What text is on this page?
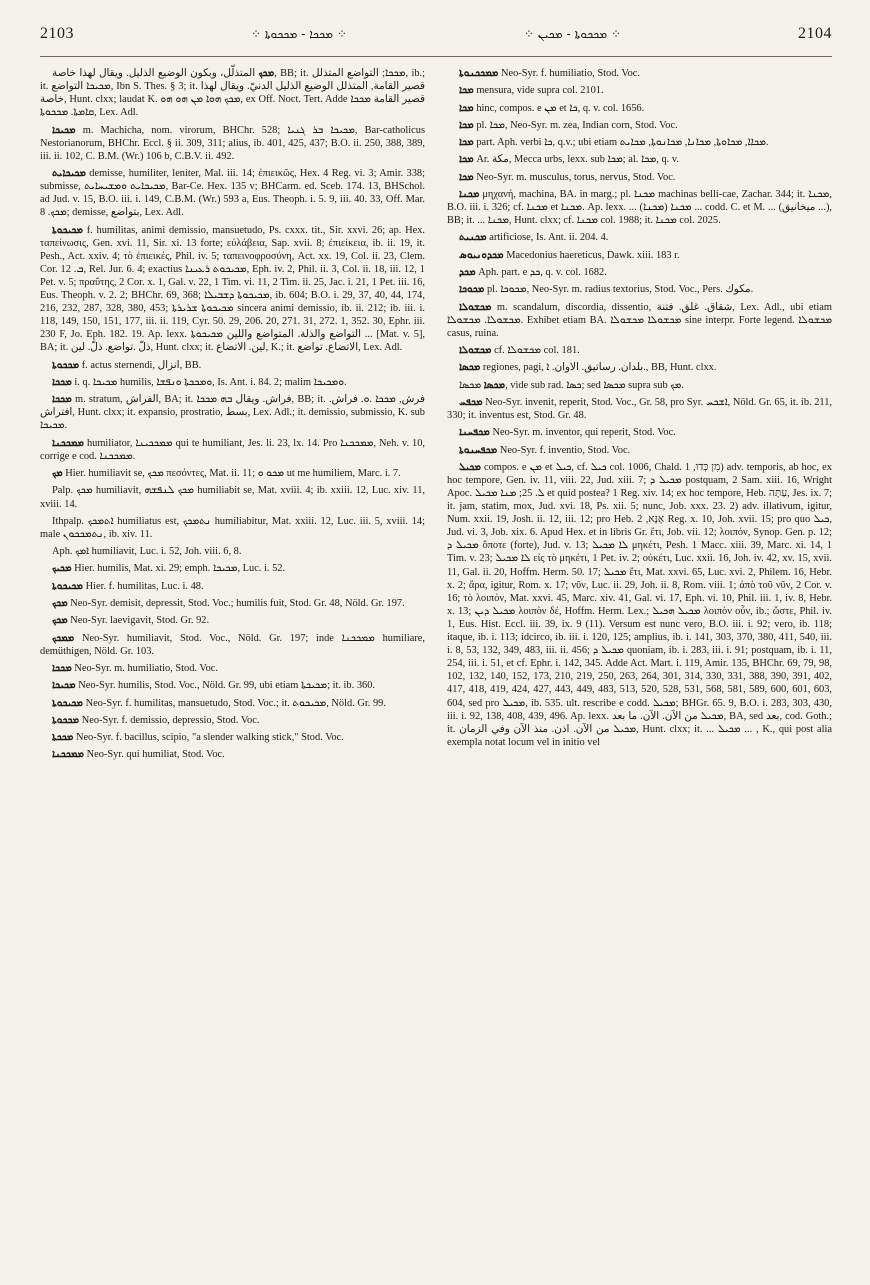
2103	⁘ ܡܟܟܐ - ܡܟܟܘܬܐ ⁘	⁘ ܡܟܟܘܬܐ - ܡܟܝܢ ⁘	2104

ܡܟܟ المتذلّل، وبكون الوضيع الذليل. ويقال لهذا خاصة, BB; it. ܡܟܟܐ; التواضع المتذلل, ib.; it. ܡܟܝܟܐ التواضع, Ibn S. Thes. § 3; it. قصير القامة, المتذلل الوضيع الذليل الدنيّ. ويقال لهذا خاصة, Hunt. clxx; laudat K. ܡܟܟ ܗܘܐ ܡܢ ܗܘ ܗܘ, ex Off. Noct. Tert. Adde قصير القامة ܡܟܟܐ ܩܐܡܬܐ. ܡܟܟܘܬܐ, Lex. Adl.

ܡܟܝܟܐ m. Machicha, nom. virorum, BHChr. 528; ܡܟܝܟܐ ܒܪ ܓܢܝܐ, Bar-catholicus Nestorianorum, BHChr. Eccl. § ii. 309, 311; alius, ib. 401, 425, 437; B.O. ii. 250, 388, 389, iii. ii. 102, C. B.M. (Wr.) 106 b, C.B.V. ii. 492.

ܡܟܝܟܐܝܬ demisse, humiliter, leniter, Mal. iii. 14; ἐπιεικῶς, Hex. 4 Reg. vi. 3; Amir. 338; submisse, ܡܟܝܟܐܝܬ ܘܡܫܝܚܐܝܬ, Bar-Ce. Hex. 135 v; BHCarm. ed. Sceb. 174. 13, BHSchol. ad Jud. v. 15, B.O. iii. i. 149, C.B.M. (Wr.) 593 a, Eus. Theoph. i. 5. 9, iii. 40. 33, Off. Mar. ܡܟܟ. 8; demisse, بتواضع, Lex. Adl.

ܡܟܝܟܘܬܐ f. humilitas, animi demissio, mansuetudo, Ps. cxxx. tit., Sir. xxvi. 26; ap. Hex. ταπείνωσις, Gen. xvi. 11, Sir. xi. 13 forte; εὐλάβεια, Sap. xvii. 8; ἐπιείκεια, ib. ii. 19, it. Pesh., Act. xxiv. 4; τὸ ἐπιεικές, Phil. iv. 5; ταπεινοφροσύνη, Act. xx. 19, Col. ii. 23, Clem. Cor. ܒ. 12, Rel. Jur. 6. 4; exactius ܡܟܝܟܘܬ ܪܥܝܢܐ, Eph. iv. 2, Phil. ii. 3, Col. ii. 18, iii. 12, 1 Pet. v. 5; πραΰτης, 2 Cor. x. 1, Gal. v. 22, 1 Tim. vi. 11, 2 Tim. ii. 25, Jac. i. 21, 1 Pet. iii. 16, Eus. Theoph. v. 2. 2; BHChr. 69, 368; ܡܟܝܟܘܬܐ ܕܫܒܝܠܐ, ib. 604; B.O. i. 29, 37, 40, 44, 174, 216, 232, 287, 328, 380, 453; ܡܟܝܟܘܬܐ ܫܪܝܪܬܐ sincera animi demissio, ib. ii. 212; ib. iii. i. 118, 149, 150, 151, 177, iii. ii. 119, Cyr. 50. 29, 206. 20, 271. 31, 272. 1, 352. 30, Ephr. iii. 230 F, Jo. Eph. 182. 19. Ap. lexx. التواضع والذلة. المتواضع واللين ܡܟܝܟܘܬܐ ... [Mat. v. 5], BA; it. ذلّ .تواضع. ذلّ. لين, Hunt. clxx; it. لين. الاتضاع, K.; it. الاتضاع. تواضع, Lex. Adl.

ܡܟܟܘܬܐ f. actus sternendi, انزال, BB.

ܡܟܟܐ i. q. ܡܟܝܟܐ humilis, ܘܡܟܟܬܐ ܘܢܦܫܐ, Is. Ant. i. 84. 2; malim ܘܡܟܝܟܐ.

ܡܟܟܐ m. stratum, الفراش, BA; it. فراش. ويقال ܒܗ ܡܟܟܐ, BB; it. فرش, ܡܟܟܐ .ܘ. فراش. افتراش, Hunt. clxx; it. expansio, prostratio, بسط, Lex. Adl.; it. demissio, submissio, K. sub ܡܟܝܟܐ.

ܡܡܟܟܢܐ humiliator, ܡܡܟܟܝܢܐ qui te humiliant, Jes. li. 23, lx. 14. Pro ܡܡܟܟܢܐ, Neh. v. 10, corrige e cod. ܡܡܟܟܢܐ.

ܡܟ Hier. humiliavit se, ܡܟܟ πεσόντες, Mat. ii. 11; ܡܟܘ ܘ ut me humiliem, Marc. i. 7.

Palp. ܡܟܟ humiliavit, ܡܟܟ ܠܢܦܫܗ humiliabit se, Mat. xviii. 4; ib. xxiii. 12, Luc. xiv. 11, xviii. 14.

Ithpalp. ܐܬܡܟܟ humiliatus est, ܢܬܡܟܟ humiliabitur, Mat. xxiii. 12, Luc. iii. 5, xviii. 14; male ܢܬܡܟܟܘܢ, ib. xiv. 11.

Aph. ܐܡܟ humiliavit, Luc. i. 52, Joh. viii. 6, 8.

ܡܟܝܟ Hier. humilis, Mat. xi. 29; emph. ܡܟܝܟܐ, Luc. i. 52.

ܡܟܝܟܘܬܐ Hier. f. humilitas, Luc. i. 48.

ܡܟܟ Neo-Syr. demisit, depressit, Stod. Voc.; humilis fuit, Stod. Gr. 48, Nöld. Gr. 197.

ܡܟܟ Neo-Syr. laevigavit, Stod. Gr. 92.

ܡܡܟܟ Neo-Syr. humiliavit, Stod. Voc., Nöld. Gr. 197; inde ܡܡܟܟܢܐ humiliare, demüthigen, Nöld. Gr. 103.

ܡܟܟܐ Neo-Syr. m. humiliatio, Stod. Voc.

ܡܟܝܟܐ Neo-Syr. humilis, Stod. Voc., Nöld. Gr. 99, ubi etiam ܡܟܝܟܬܐ; it. ib. 360.

ܡܟܝܟܘܬܐ Neo-Syr. f. humilitas, mansuetudo, Stod. Voc.; it. ܡܟܝܟܘܬ, Nöld. Gr. 99.

ܡܟܟܘܬܐ Neo-Syr. f. demissio, depressio, Stod. Voc.

ܡܟܟܬܐ Neo-Syr. f. bacillus, scipio, "a slender walking stick," Stod. Voc.

ܡܡܟܟܢܐ Neo-Syr. qui humiliat, Stod. Voc.

ܡܡܟܟܢܘܬܐ Neo-Syr. f. humiliatio, Stod. Voc.

ܡܟܐ mensura, vide supra col. 2101.

ܡܟܐ hinc, compos. e ܡܢ et ܟܐ, q. v. col. 1656.

ܡܟܐ pl. ܡܟܐ, Neo-Syr. m. zea, Indian corn, Stod. Voc.

ܡܟܐ part. Aph. verbi ܟܐ, q.v.; ubi etiam ܡܟܐܐ, ܡܟܐܘܬܐ, ܡܟܐܢܐ, ܡܟܐܢܘܬܐ, ܡܟܐܝܬ.

ܡܟܐ Ar. مكة, Mecca urbs, lexx. sub ܡܟܐ; al. ܡܟܐ, q. v.

ܡܟܐ Neo-Syr. m. musculus, torus, nervus, Stod. Voc.

ܡܟܢܐ μηχανή, machina, BA. in marg.; pl. ܡܟܢܐ machinas belli-cae, Zachar. 344; it. ܡܟܢܐ, B.O. iii. i. 326; cf. ܡܟܢܐ et ܡܟܢܐ. Ap. lexx. ... ܡܟܢܐ (ܡܟܢܐ) ... codd. C. et M. ... (ميخانيق ...), BB; it. ... ܡܟܢܐ, Hunt. clxx; cf. ܡܟܢܐ col. 1988; it. ܡܟܢܐ col. 2025.

ܡܟܢܝܬ artificiose, Is. Ant. ii. 204. 4.

ܡܟܕܘܢܝܘܣ Macedonius haereticus, Dawk. xiii. 183 r.

ܡܟܕ Aph. part. e ܟܕ, q. v. col. 1682.

ܡܟܘܟܐ pl. ܡܟܘܟܐ, Neo-Syr. m. radius textorius, Stod. Voc., Pers. مكوك.

ܡܟܫܘܠܐ m. scandalum, discordia, dissentio, شقاق. غلق. فتنة, Lex. Adl., ubi etiam ܡܟܫܘܠܐ. ܡܟܫܘܠܐ. Exhibet etiam BA. ܡܟܫܘܠܐ ܡܟܫܘܠܐ sine interpr. Forte legend. ܡܟܫܘܠܐ casus, ruina.

ܡܟܫܘܠܐ cf. ܡܟܫܘܠܐ col. 181.

ܡܟܣܐ regiones, pagi, بلدان. رساتيق. الاوان. ܐ., BB, Hunt. clxx.

ܡܟܣܐ ܡܟܣܐ, vide sub rad. ܟܣܐ; sed ܡܟܣܐ supra sub ܡܟ.

ܡܟܦܚ Neo-Syr. invenit, reperit, Stod. Voc., Gr. 58, pro Syr. ܐܫܟܚ, Nöld. Gr. 65, it. ib. 211, 330; it. inventus est, Stod. Gr. 48.

ܡܟܦܚܢܐ Neo-Syr. m. inventor, qui reperit, Stod. Voc.

ܡܟܦܚܢܘܬܐ Neo-Syr. f. inventio, Stod. Voc.

ܡܟܝܠ compos. e ܡܢ et ܟܝܠ, cf. ܟܝܠ col. 1006, Chald. מִן כְּדוּ, 1) adv. temporis, ab hoc, ex hoc tempore, Gen. iv. 11, viii. 22, Jud. xiii. 7; ܡܟܝܠ ܕ postquam, 2 Sam. xiii. 16, Wright Apoc. ܠ. 25; ܡܢܐ ܡܟܝܠ et quid postea? 1 Reg. xiv. 14; ex hoc tempore, Heb. עַתָּה, Jes. ix. 7; it. jam, statim, mox, Jud. xvi. 18, Ps. xii. 5; nunc, Job. xxx. 23. 2) adv. illativum, igitur, Num. xxii. 19, Josh. ii. 12, iii. 12; pro Heb. אָנָּא, 2 Reg. x. 10, Joh. xvii. 15; pro quo ܟܝܠ, Jud. vi. 3, Job. xix. 6. Apud Hex. et in libris Gr. ἔτι, Job. vii. 12; λοιπόν, Synop. Gen. p. 12; ܡܟܝܠ ܕ ὅποτε (forte), Jud. v. 13; ܠܐ ܡܟܝܠ μηκέτι, Pesh. 1 Macc. xiii. 39, Marc. xi. 14, 1 Tim. v. 23; ܠܐ ܡܟܝܠ εἰς τὸ μηκέτι, 1 Pet. iv. 2; οὐκέτι, Luc. xxii. 16, Joh. iv. 42, xv. 15, xvii. 11, Gal. ii. 20, Hoffm. Herm. 50. 17; ܡܟܝܠ ἔτι, Mat. xxvi. 65, Luc. xvi. 2, Philem. 16, Hebr. x. 2; ἄρα, igitur, Rom. x. 17; νῦν, Luc. ii. 29, Joh. ii. 8, Rom. viii. 1; ἀπὸ τοῦ νῦν, 2 Cor. v. 16; τὸ λοιπόν, Mat. xxvi. 45, Marc. xiv. 41, Gal. vi. 17, Eph. vi. 10, Phil. iii. 1, iv. 8, Hebr. x. 13; ܡܟܝܠ ܕܝܢ λοιπὸν δέ, Hoffm. Herm. Lex.; ܡܟܝܠ ܗܟܝܠ λοιπὸν οὖν, ib.; ὥστε, Phil. iv. 1, Eus. Hist. Eccl. iii. 39, ix. 9 (11). Versum est nunc vero, B.O. iii. i. 92; vero, ib. 118; itaque, ib. i. 113; idcirco, ib. iii. i. 120, 125; amplius, ib. i. 141, 303, 370, 380, 411, 540, iii. i. 8, 53, 132, 349, 483, iii. ii. 456; ܡܟܝܠ ܕ quoniam, ib. i. 283, iii. i. 91; postquam, ib. i. 11, 254, iii. i. 51, et cf. Ephr. i. 142, 345. Adde Act. Mart. i. 119, Amir. 135, BHChr. 69, 79, 98, 102, 132, 140, 152, 173, 210, 219, 250, 263, 264, 301, 314, 330, 331, 388, 390, 391, 402, 417, 418, 419, 424, 427, 443, 449, 483, 513, 520, 528, 531, 568, 581, 589, 600, 601, 603, 604, sed pro ܡܟܝܠ, ib. 535. ult. rescribe e codd. ܡܟܝܠ; BHGr. 65. 9, B.O. i. 283, 303, 430, iii. i. 92, 138, 408, 439, 496. Ap. lexx. ܡܟܝܠ من الآن. الآن. ما بعد, BA, sed بعد, cod. Goth.; it. ܡܟܝܠ من الآن. اذن. منذ الآن وفي الزمان, Hunt. clxx; it. ... ܡܟܝܠ ... , K., qui post alia exempla notat locum vel in initio vel
